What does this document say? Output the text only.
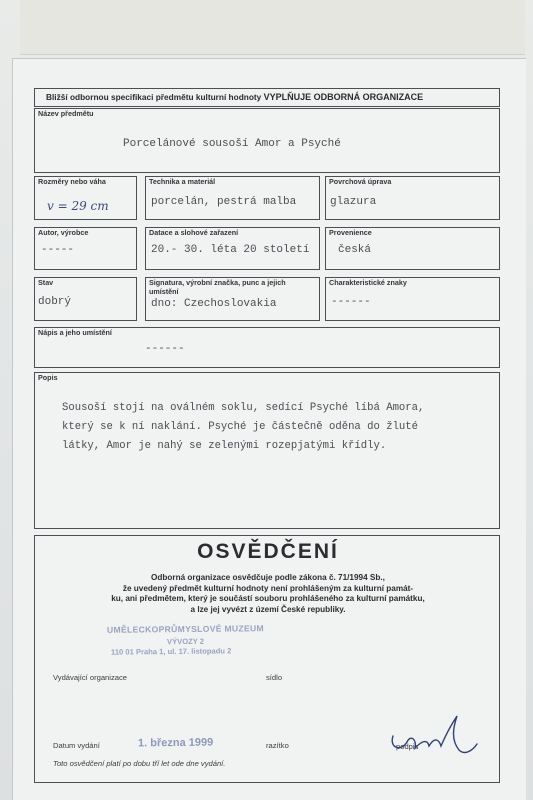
Bližší odbornou specifikaci předmětu kulturní hodnoty VYPLŇUJE ODBORNÁ ORGANIZACE
Název předmětu
Porcelánové sousoší Amor a Psyché
Rozměry nebo váha
v = 29 cm
Technika a materiál
porcelán, pestrá malba
Povrchová úprava
glazura
Autor, výrobce
-----
Datace a slohové zařazení
20.- 30. léta 20 století
Provenience
česká
Stav
dobrý
Signatura, výrobní značka, punc a jejich
umístění
dno: Czechoslovakia
Charakteristické znaky
------
Nápis a jeho umístění
------
Popis
Sousoší stojí na oválném soklu, sedící Psyché líbá Amora,
který se k ní naklání. Psyché je částečně oděna do žluté
látky, Amor je nahý se zelenými rozepjatými křídly.
OSVĚDČENÍ
Odborná organizace osvědčuje podle zákona č. 71/1994 Sb.,
že uvedený předmět kulturní hodnoty není prohlášeným za kulturní památ-
ku, ani předmětem, který je součástí souboru prohlášeného za kulturní památku,
a lze jej vyvézt z území České republiky.
UMĚLECKOPRŮMYSLOVÉ MUZEUM
VÝVOZY 2
110 01 Praha 1, ul. 17. listopadu 2
Vydávající organizace	sídlo
Datum vydání	1. března 1999	razítko	podpis
Toto osvědčení platí po dobu tří let ode dne vydání.
